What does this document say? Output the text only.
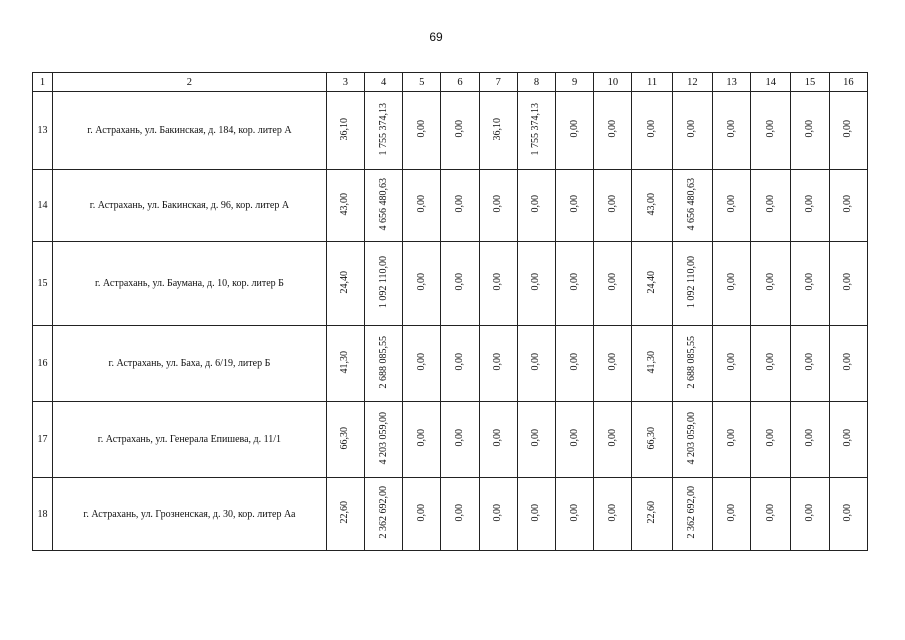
69
1	2	3	4	5	6	7	8	9	10	11	12	13	14	15	16
13	г. Астрахань, ул. Бакинская, д. 184, кор. литер А	36,10	1 755 374,13	0,00	0,00	36,10	1 755 374,13	0,00	0,00	0,00	0,00	0,00	0,00	0,00	0,00
14	г. Астрахань, ул. Бакинская, д. 96, кор. литер А	43,00	4 656 480,63	0,00	0,00	0,00	0,00	0,00	0,00	43,00	4 656 480,63	0,00	0,00	0,00	0,00
15	г. Астрахань, ул. Баумана, д. 10, кор. литер Б	24,40	1 092 110,00	0,00	0,00	0,00	0,00	0,00	0,00	24,40	1 092 110,00	0,00	0,00	0,00	0,00
16	г. Астрахань, ул. Баха, д. 6/19, литер Б	41,30	2 688 085,55	0,00	0,00	0,00	0,00	0,00	0,00	41,30	2 688 085,55	0,00	0,00	0,00	0,00
17	г. Астрахань, ул. Генерала Епишева, д. 11/1	66,30	4 203 059,00	0,00	0,00	0,00	0,00	0,00	0,00	66,30	4 203 059,00	0,00	0,00	0,00	0,00
18	г. Астрахань, ул. Грозненская, д. 30, кор. литер Аа	22,60	2 362 692,00	0,00	0,00	0,00	0,00	0,00	0,00	22,60	2 362 692,00	0,00	0,00	0,00	0,00
